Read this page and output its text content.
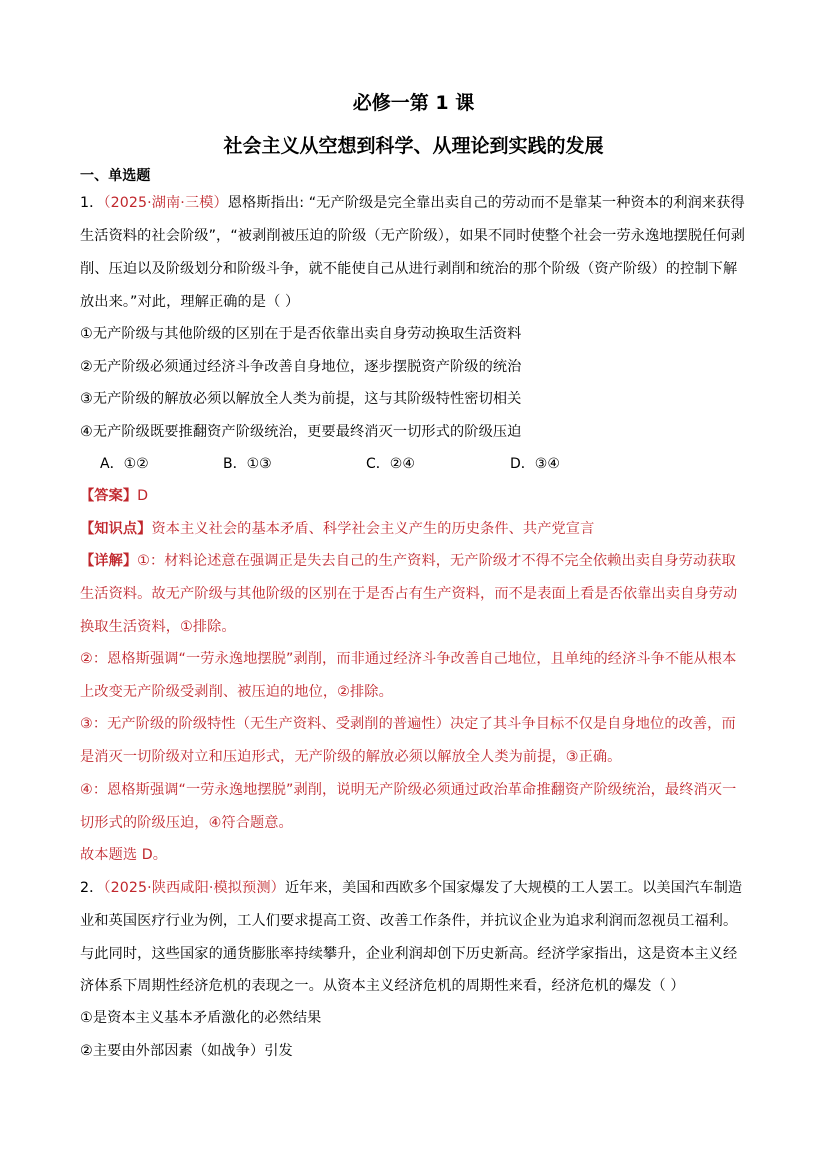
必修一第 1 课
社会主义从空想到科学、从理论到实践的发展
一、单选题
1．（2025·湖南·三模）恩格斯指出: “无产阶级是完全靠出卖自己的劳动而不是靠某一种资本的利润来获得
生活资料的社会阶级”，“被剥削被压迫的阶级（无产阶级），如果不同时使整个社会一劳永逸地摆脱任何剥
削、压迫以及阶级划分和阶级斗争，就不能使自己从进行剥削和统治的那个阶级（资产阶级）的控制下解
放出来。”对此，理解正确的是（ ）
①无产阶级与其他阶级的区别在于是否依靠出卖自身劳动换取生活资料
②无产阶级必须通过经济斗争改善自身地位，逐步摆脱资产阶级的统治
③无产阶级的解放必须以解放全人类为前提，这与其阶级特性密切相关
④无产阶级既要推翻资产阶级统治，更要最终消灭一切形式的阶级压迫
A．①②	B．①③	C．②④	D．③④
【答案】D
【知识点】资本主义社会的基本矛盾、科学社会主义产生的历史条件、共产党宣言
【详解】①：材料论述意在强调正是失去自己的生产资料，无产阶级才不得不完全依赖出卖自身劳动获取
生活资料。故无产阶级与其他阶级的区别在于是否占有生产资料，而不是表面上看是否依靠出卖自身劳动
换取生活资料，①排除。
②：恩格斯强调“一劳永逸地摆脱”剥削，而非通过经济斗争改善自己地位，且单纯的经济斗争不能从根本
上改变无产阶级受剥削、被压迫的地位，②排除。
③：无产阶级的阶级特性（无生产资料、受剥削的普遍性）决定了其斗争目标不仅是自身地位的改善，而
是消灭一切阶级对立和压迫形式，无产阶级的解放必须以解放全人类为前提，③正确。
④：恩格斯强调“一劳永逸地摆脱”剥削，说明无产阶级必须通过政治革命推翻资产阶级统治，最终消灭一
切形式的阶级压迫，④符合题意。
故本题选 D。
2．（2025·陕西咸阳·模拟预测）近年来，美国和西欧多个国家爆发了大规模的工人罢工。以美国汽车制造
业和英国医疗行业为例，工人们要求提高工资、改善工作条件，并抗议企业为追求利润而忽视员工福利。
与此同时，这些国家的通货膨胀率持续攀升，企业利润却创下历史新高。经济学家指出，这是资本主义经
济体系下周期性经济危机的表现之一。从资本主义经济危机的周期性来看，经济危机的爆发（ ）
①是资本主义基本矛盾激化的必然结果
②主要由外部因素（如战争）引发
